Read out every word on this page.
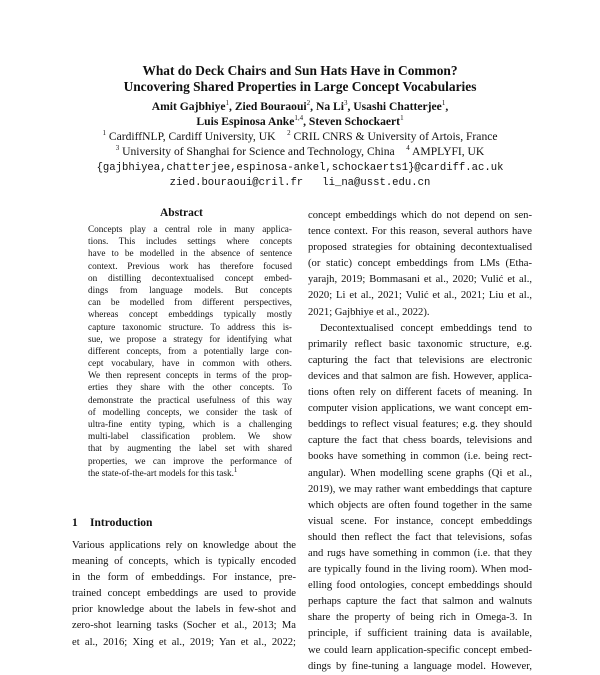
What do Deck Chairs and Sun Hats Have in Common?
Uncovering Shared Properties in Large Concept Vocabularies
Amit Gajbhiye$^1$, Zied Bouraoui$^2$, Na Li$^3$, Usashi Chatterjee$^1$,
Luis Espinosa Anke$^{1,4}$, Steven Schockaert$^1$
$^1$ CardiffNLP, Cardiff University, UK $^2$ CRIL CNRS & University of Artois, France
$^3$ University of Shanghai for Science and Technology, China $^4$ AMPLYFI, UK
{gajbhiyea,chatterjee,espinosa-ankel,schockaerts1}@cardiff.ac.uk
zied.bouraoui@cril.fr li_na@usst.edu.cn
Abstract
Concepts play a central role in many applica-
tions. This includes settings where concepts
have to be modelled in the absence of sentence
context. Previous work has therefore focused
on distilling decontextualised concept embed-
dings from language models. But concepts
can be modelled from different perspectives,
whereas concept embeddings typically mostly
capture taxonomic structure. To address this is-
sue, we propose a strategy for identifying what
different concepts, from a potentially large con-
cept vocabulary, have in common with others.
We then represent concepts in terms of the prop-
erties they share with the other concepts. To
demonstrate the practical usefulness of this way
of modelling concepts, we consider the task of
ultra-fine entity typing, which is a challenging
multi-label classification problem. We show
that by augmenting the label set with shared
properties, we can improve the performance of
the state-of-the-art models for this task.$^1$
1 Introduction
Various applications rely on knowledge about the
meaning of concepts, which is typically encoded
in the form of embeddings. For instance, pre-
trained concept embeddings are used to provide
prior knowledge about the labels in few-shot and
zero-shot learning tasks (Socher et al., 2013; Ma
et al., 2016; Xing et al., 2019; Yan et al., 2022;
concept embeddings which do not depend on sen-
tence context. For this reason, several authors have
proposed strategies for obtaining decontextualised
(or static) concept embeddings from LMs (Etha-
yarajh, 2019; Bommasani et al., 2020; Vulić et al.,
2020; Li et al., 2021; Vulić et al., 2021; Liu et al.,
2021; Gajbhiye et al., 2022).
Decontextualised concept embeddings tend to
primarily reflect basic taxonomic structure, e.g.
capturing the fact that televisions are electronic
devices and that salmon are fish. However, applica-
tions often rely on different facets of meaning. In
computer vision applications, we want concept em-
beddings to reflect visual features; e.g. they should
capture the fact that chess boards, televisions and
books have something in common (i.e. being rect-
angular). When modelling scene graphs (Qi et al.,
2019), we may rather want embeddings that capture
which objects are often found together in the same
visual scene. For instance, concept embeddings
should then reflect the fact that televisions, sofas
and rugs have something in common (i.e. that they
are typically found in the living room). When mod-
elling food ontologies, concept embeddings should
perhaps capture the fact that salmon and walnuts
share the property of being rich in Omega-3. In
principle, if sufficient training data is available,
we could learn application-specific concept embed-
dings by fine-tuning a language model. However,
